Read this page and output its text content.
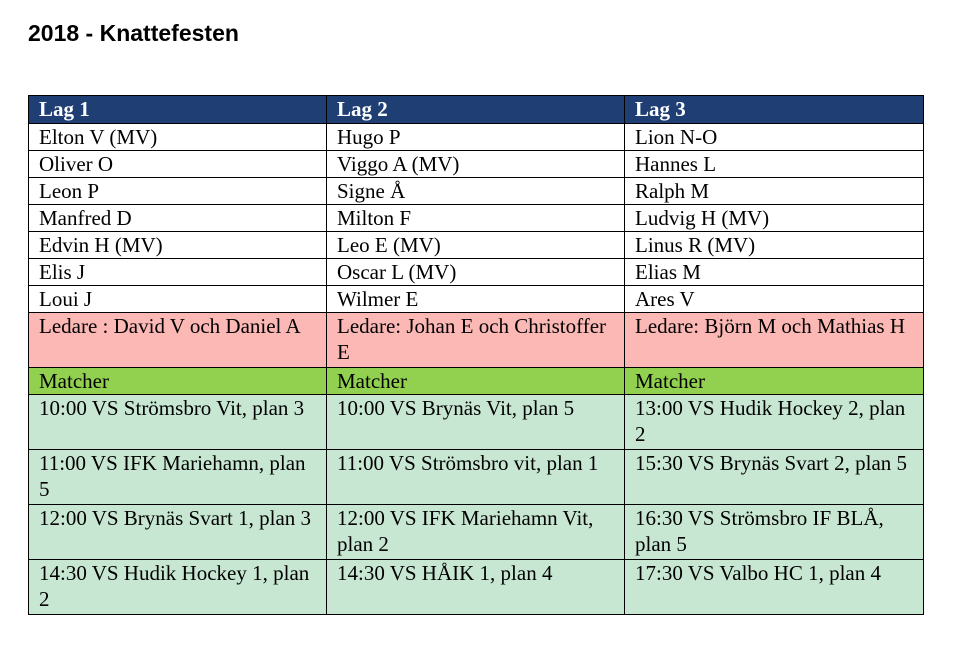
2018 - Knattefesten
Lag 1	Lag 2	Lag 3
Elton V (MV)	Hugo P	Lion N-O
Oliver O	Viggo A (MV)	Hannes L
Leon P	Signe Å	Ralph M
Manfred D	Milton F	Ludvig H (MV)
Edvin H (MV)	Leo E (MV)	Linus R (MV)
Elis J	Oscar L (MV)	Elias M
Loui J	Wilmer E	Ares V
Ledare : David V och Daniel A	Ledare: Johan E och Christoffer E	Ledare: Björn M och Mathias H
Matcher	Matcher	Matcher
10:00 VS Strömsbro Vit, plan 3	10:00 VS Brynäs Vit, plan 5	13:00 VS Hudik Hockey 2, plan 2
11:00 VS IFK Mariehamn, plan 5	11:00 VS Strömsbro vit, plan 1	15:30 VS Brynäs Svart 2, plan 5
12:00 VS Brynäs Svart 1, plan 3	12:00 VS IFK Mariehamn Vit, plan 2	16:30 VS Strömsbro IF BLÅ, plan 5
14:30 VS Hudik Hockey 1, plan 2	14:30 VS HÅIK 1, plan 4	17:30 VS Valbo HC 1, plan 4
